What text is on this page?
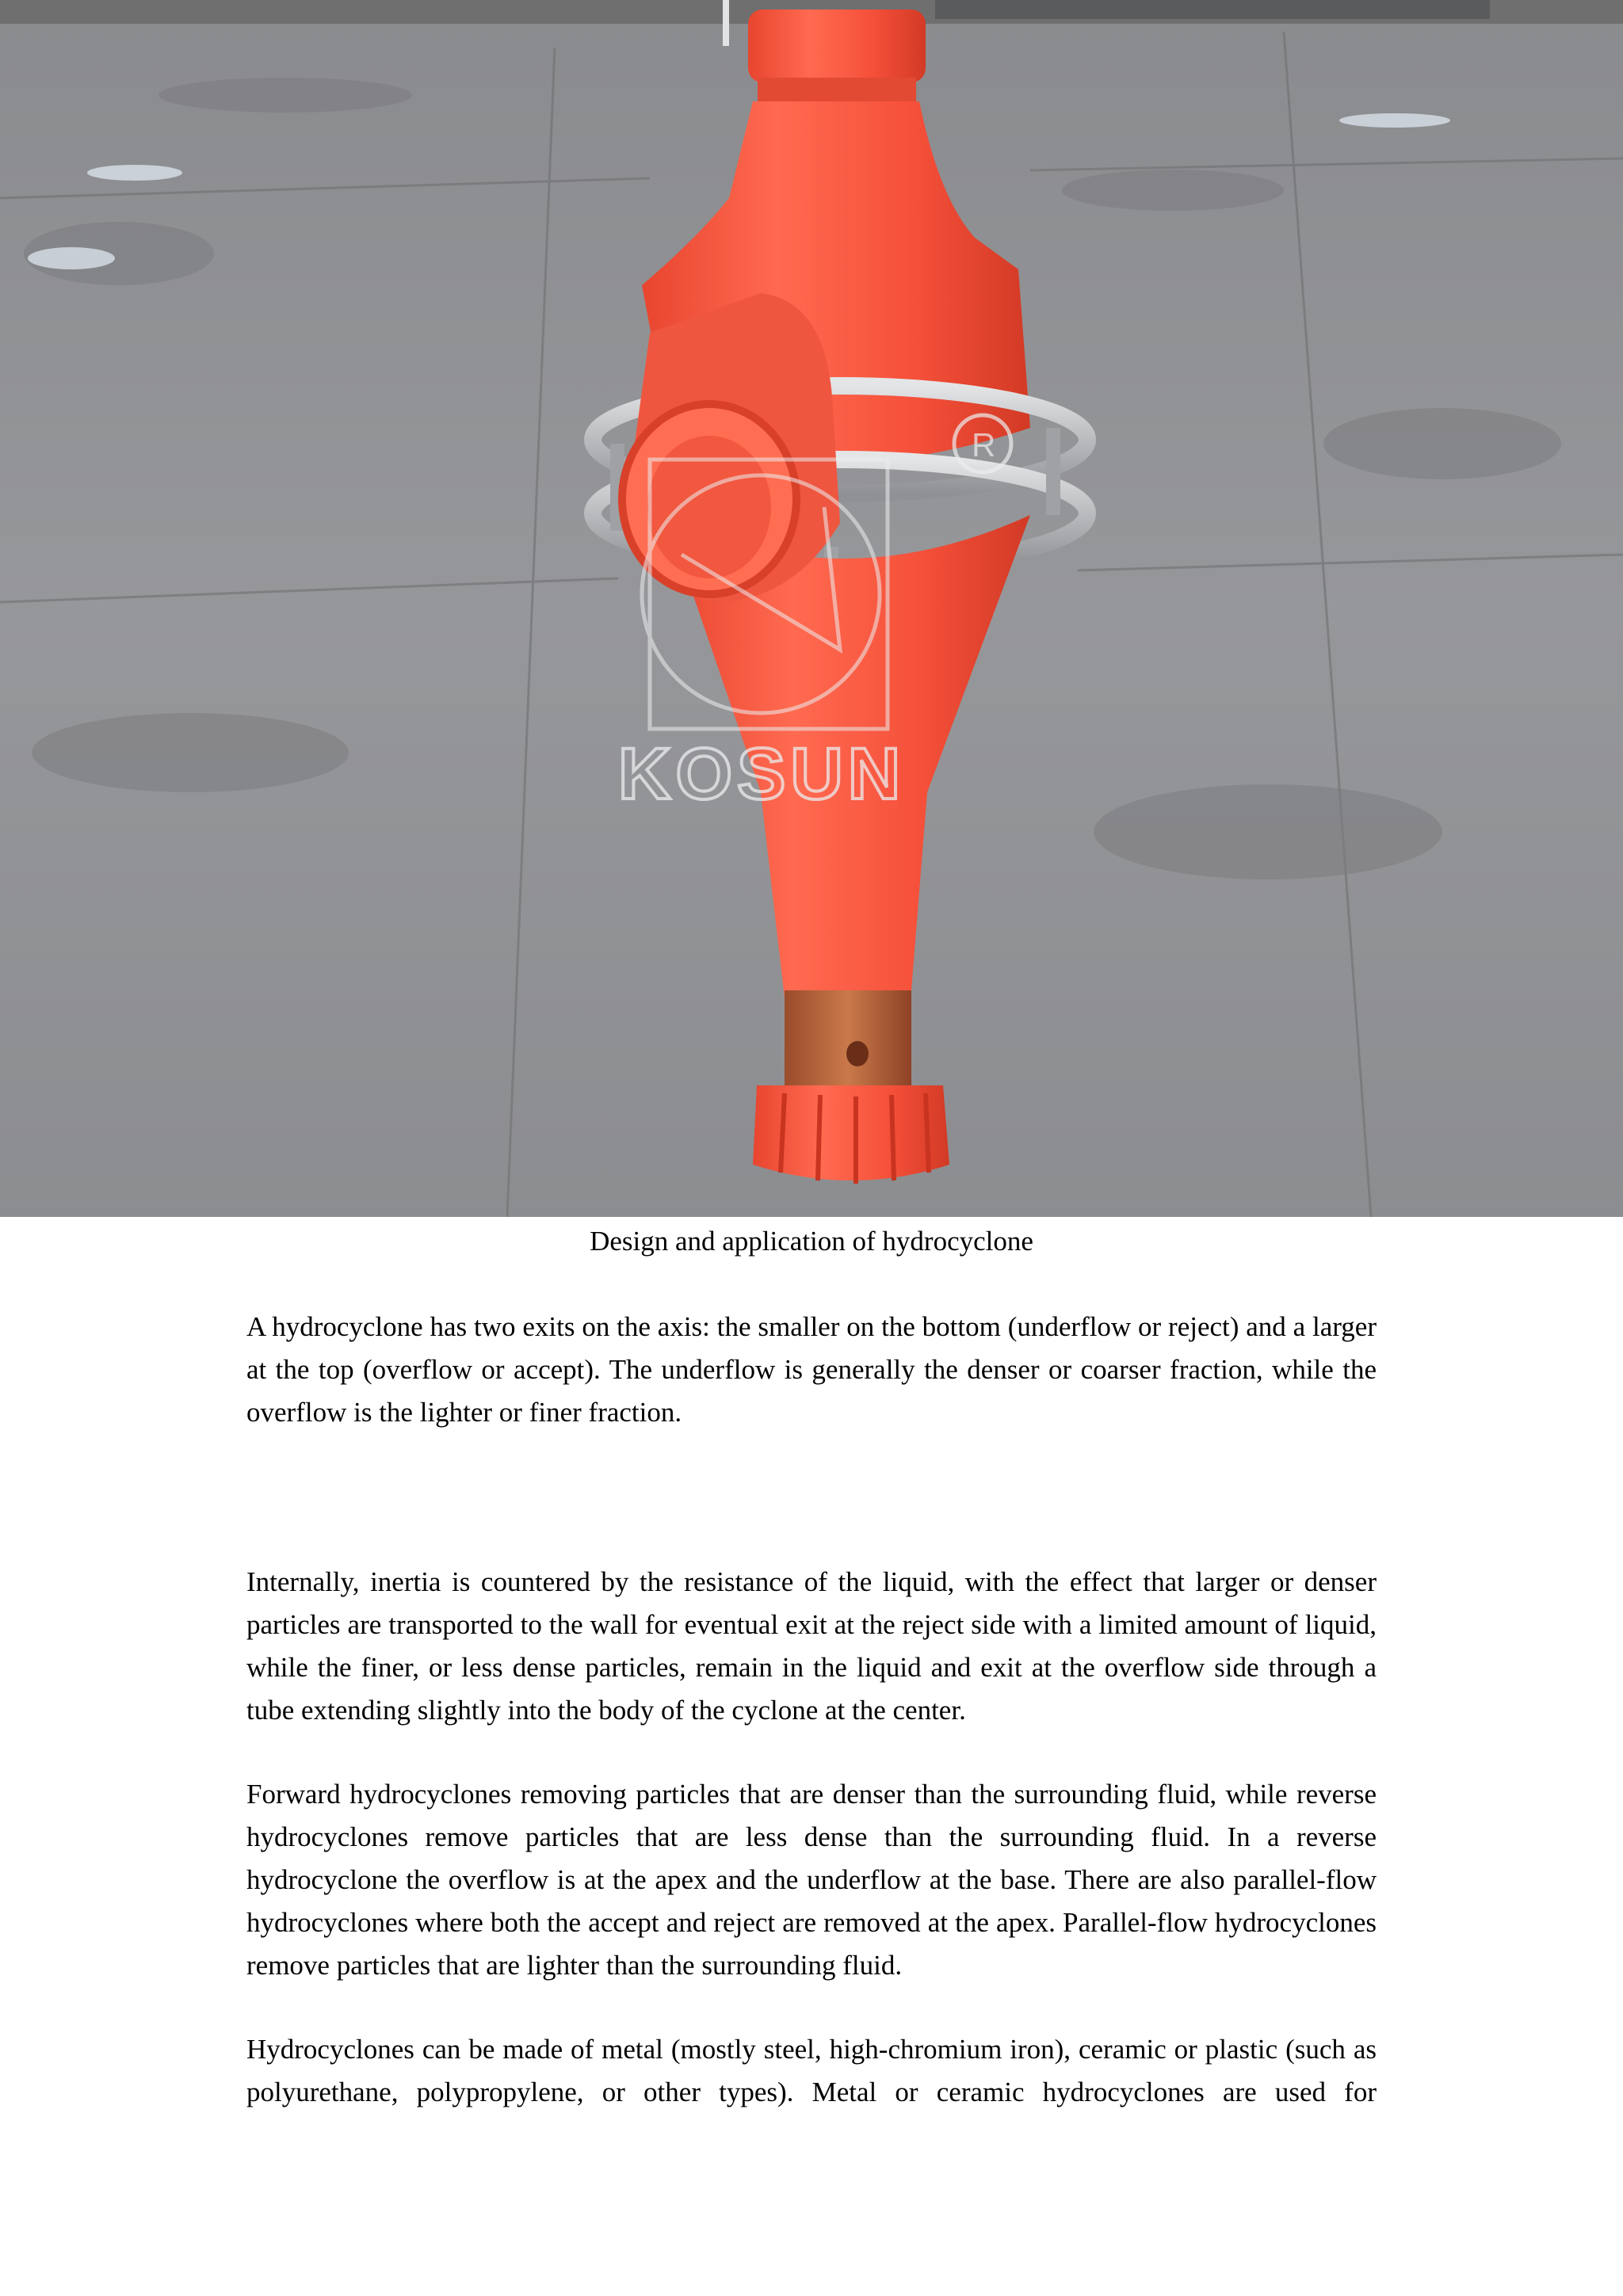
R
KOSUN
Design and application of hydrocyclone

A hydrocyclone has two exits on the axis: the smaller on the bottom (underflow or reject) and a larger at the top (overflow or accept). The underflow is generally the denser or coarser fraction, while the overflow is the lighter or finer fraction.

Internally, inertia is countered by the resistance of the liquid, with the effect that larger or denser particles are transported to the wall for eventual exit at the reject side with a limited amount of liquid, while the finer, or less dense particles, remain in the liquid and exit at the overflow side through a tube extending slightly into the body of the cyclone at the center.

Forward hydrocyclones removing particles that are denser than the surrounding fluid, while reverse hydrocyclones remove particles that are less dense than the surrounding fluid. In a reverse hydrocyclone the overflow is at the apex and the underflow at the base. There are also parallel-flow hydrocyclones where both the accept and reject are removed at the apex. Parallel-flow hydrocyclones remove particles that are lighter than the surrounding fluid.

Hydrocyclones can be made of metal (mostly steel, high-chromium iron), ceramic or plastic (such as polyurethane, polypropylene, or other types). Metal or ceramic hydrocyclones are used for
